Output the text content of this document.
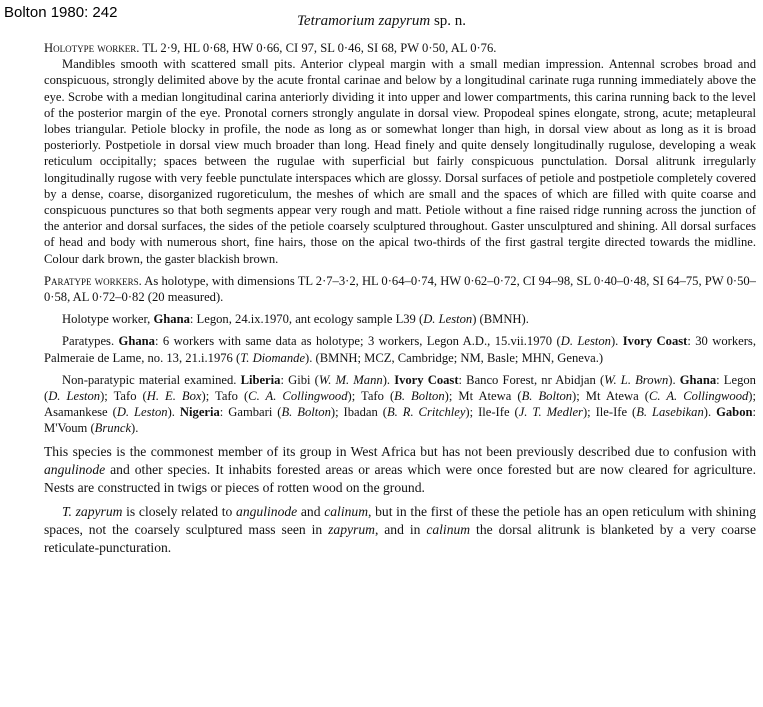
Bolton 1980: 242	Tetramorium zapyrum sp. n.

Holotype worker. TL 2·9, HL 0·68, HW 0·66, CI 97, SL 0·46, SI 68, PW 0·50, AL 0·76.

Mandibles smooth with scattered small pits. Anterior clypeal margin with a small median impression. Antennal scrobes broad and conspicuous, strongly delimited above by the acute frontal carinae and below by a longitudinal carinate ruga running immediately above the eye. Scrobe with a median longitudinal carina anteriorly dividing it into upper and lower compartments, this carina running back to the level of the posterior margin of the eye. Pronotal corners strongly angulate in dorsal view. Propodeal spines elongate, strong, acute; metapleural lobes triangular. Petiole blocky in profile, the node as long as or somewhat longer than high, in dorsal view about as long as it is broad posteriorly. Postpetiole in dorsal view much broader than long. Head finely and quite densely longitudinally rugulose, developing a weak reticulum occipitally; spaces between the rugulae with superficial but fairly conspicuous punctulation. Dorsal alitrunk irregularly longitudinally rugose with very feeble punctulate interspaces which are glossy. Dorsal surfaces of petiole and postpetiole completely covered by a dense, coarse, disorganized rugoreticulum, the meshes of which are small and the spaces of which are filled with quite coarse and conspicuous punctures so that both segments appear very rough and matt. Petiole without a fine raised ridge running across the junction of the anterior and dorsal surfaces, the sides of the petiole coarsely sculptured throughout. Gaster unsculptured and shining. All dorsal surfaces of head and body with numerous short, fine hairs, those on the apical two-thirds of the first gastral tergite directed towards the midline. Colour dark brown, the gaster blackish brown.

Paratype workers. As holotype, with dimensions TL 2·7–3·2, HL 0·64–0·74, HW 0·62–0·72, CI 94–98, SL 0·40–0·48, SI 64–75, PW 0·50–0·58, AL 0·72–0·82 (20 measured).

Holotype worker, Ghana: Legon, 24.ix.1970, ant ecology sample L39 (D. Leston) (BMNH).

Paratypes. Ghana: 6 workers with same data as holotype; 3 workers, Legon A.D., 15.vii.1970 (D. Leston). Ivory Coast: 30 workers, Palmeraie de Lame, no. 13, 21.i.1976 (T. Diomande). (BMNH; MCZ, Cambridge; NM, Basle; MHN, Geneva.)

Non-paratypic material examined. Liberia: Gibi (W. M. Mann). Ivory Coast: Banco Forest, nr Abidjan (W. L. Brown). Ghana: Legon (D. Leston); Tafo (H. E. Box); Tafo (C. A. Collingwood); Tafo (B. Bolton); Mt Atewa (B. Bolton); Mt Atewa (C. A. Collingwood); Asamankese (D. Leston). Nigeria: Gambari (B. Bolton); Ibadan (B. R. Critchley); Ile-Ife (J. T. Medler); Ile-Ife (B. Lasebikan). Gabon: M'Voum (Brunck).

This species is the commonest member of its group in West Africa but has not been previously described due to confusion with angulinode and other species. It inhabits forested areas or areas which were once forested but are now cleared for agriculture. Nests are constructed in twigs or pieces of rotten wood on the ground.

T. zapyrum is closely related to angulinode and calinum, but in the first of these the petiole has an open reticulum with shining spaces, not the coarsely sculptured mass seen in zapyrum, and in calinum the dorsal alitrunk is blanketed by a very coarse reticulate-puncturation.
